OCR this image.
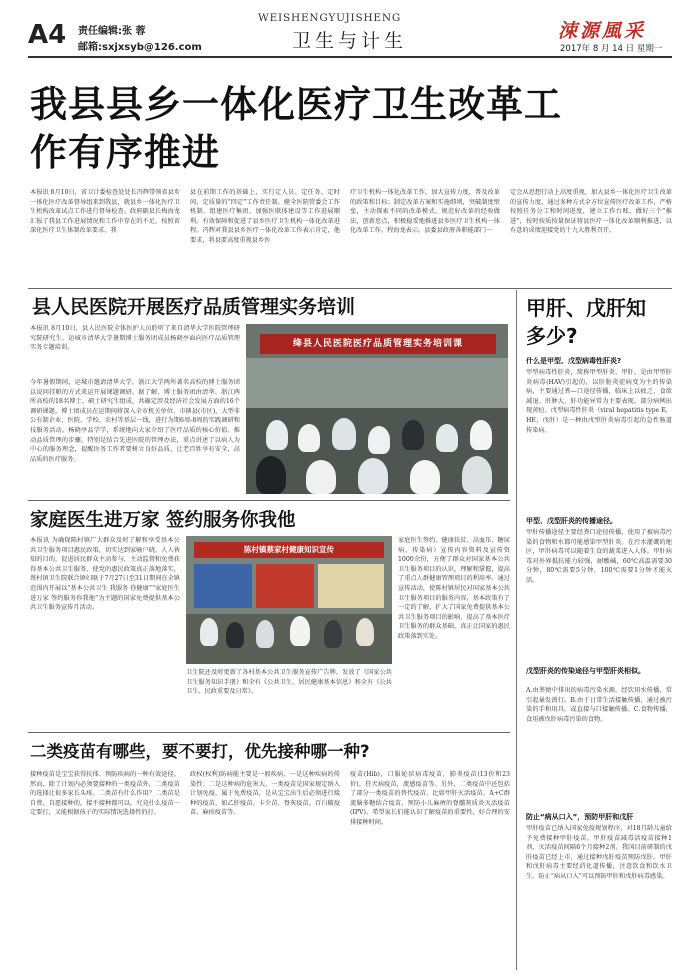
A4 责任编辑:张 蓉
邮箱:sxjxsyb@126.com
WEISHENGYUJISHENG
卫生与计生	涑源風采
2017年 8 月 14 日 星期一
我县县乡一体化医疗卫生改革工
作有序推进
本报讯 8月10日，省卫计委检查处处长冯辉带领省县乡一体化医疗改革督导组来到我县，就县乡一体化医疗卫生机构改革试点工作进行督导检查。政府副县长梅海龙汇报了我县工作进展情况和工作中存在的不足。按照省深化医疗卫生体制改革要求，我
县在前期工作的基础上，实行定人员、定任务、定时间，定质量的“四定”工作责任制。健全医院管委会工作机制、组建医疗集团、加强医联体建设等工作进展顺利。有效保障和促进了县乡医疗卫生机构一体化改革进程。冯辉对我县县乡医疗一体化改革工作表示肯定，他要求，将县要高度重视县乡医
疗卫生机构一体化改革工作，加大宣传力度，普及改革的政策和目标；制定改革方案和实施细则，突破制度壁垒，主动探索不同的改革模式，规范好改革的经验做法，创新思点，积极稳妥地推进县乡医疗卫生机构一体化改革工作。程海龙表示，县委县政府各职能部门一
定会从思想行动上高度重视，加大县乡一体化医疗卫生改革的宣传力度，通过多种方式全方位宣传医疗改革工作，严格按照任务分工和时间进度，建立工作台账，做好三个“推进”，按时按质按量保证将县医疗一体化改革顺利推进，以有意的成绩迎接党的十九大胜利召开。
县人民医院开展医疗品质管理实务培训
本报讯 8月10日，县人民医院全体医护人员聆听了来自清华大学医院管理研究院研究生、运城市清华大学暑期博士服务团成员杨晓亭面向医疗品质管理实务专题培训。	绛县人民医院医疗品质管理实务培训课
今年暑假期间，运城市邀请清华大学、浙江大学两所著名高校的博士服务团以说问挂职的方式来运开展课题调研。据了解，博士服务团由清华、浙江两所高校的18名博士、硕士研究生组成，共确定涉及经济社会发展方面的16个调研课题。博士团成员在运期间将深入全市机关单位、市辖县(市区)、大型非公有制企业、医院、学校、农村等基层一线，进行为期6周-8周的实践调研和技服务活动。杨晓亭品学学，系统地向大家介绍了医疗品质的核心价值、推动品质管理的步骤。特别是结合先进医院的管理办法，重点讲述了以病人为中心的服务理念，提醒医务工作者要树立良好品质，让老百姓享有安全，高品质的医疗服务。
家庭医生进万家 签约服务你我他
本报讯 为确保陈村镇广大群众及时了解和享受基本公共卫生服务项目惠民政策，切实达到家喻户晓，人人皆知的目的，促进居民群众主动参与，主动监督和免费获得基本公共卫生服务，使党的惠民政策真正落地落实，蔡村镇卫生院联合镇妇联于7月27日至31日期间在全镇范围内开展以“基本公共卫生 我服务 你健康”“家庭医生进万家 签约服务你我他”为主题的国家免费提供基本公共卫生服务宣传月活动。
陈村镇蔡家村健康知识宣传
卫生院还及时更新了各村基本公共卫生服务宣传广告牌，发放了《国家公共卫生服务知识手册》和全有《公共卫生、居民健康基本信息》和全有《公共卫生、民政重要及日常》。
家庭医生签约、健康扶贫、高血压、糖尿病、传染病）宣传内容资料及宣传资1000余份，方便了群众对国家基本公共卫生服务项目的认识，理解和掌握，提高了重点人群健康管理项目的利用率。通过宣传活动，使陈村镇居民对国家基本公共卫生服务项目的服务内容，基本政策有了一定的了解，扩大了国家免费提供基本公共卫生服务项目的影响，提高了基本医疗卫生服务的群众基础，真正让国家的惠民政策落到实处。
二类疫苗有哪些，要不要打，优先接种哪一种?
接种疫苗是宝宝获得抗体、预防疾病的一种有效途径。然而，除了计划内必须要接种的一类疫苗外，二类疫苗的选择让很多家长头疼。二类苗有什么作用？二类苗是自费、自愿接种的，接不接种都可以。究竟什么疫苗一定要打，又能根据孩子的实际情况选择性的打。
政权(权利)防病能主要是一般疾病、一是这种疾病的传染性；二是这种病的危害大。一类疫苗是国家规定纳入计划免疫，属于免费疫苗，是从宝宝出生后必须进行接种的疫苗，如乙肝疫苗、卡介苗、脊灰疫苗、百白破疫苗、麻疹疫苗等。
疫苗(Hib)，口服轮状病毒疫苗，肺炎疫苗(13价和23价)，狂犬病疫苗，流感疫苗等。另外，二类疫苗中还包括了部分一类疫苗的替代疫苗，比如甲肝灭活疫苗，A+C群流脑多糖结合疫苗，预防小儿麻痹的脊髓灰质炎灭活疫苗(IPV)。希望家长们能认识了解疫苗的重要性，好合理的安排接种时间。
甲肝、戊肝知
多少?
什么是甲型、戊型病毒性肝炎?
甲型病毒性肝炎，简称甲型肝炎、甲肝，是由甲型肝炎病毒(HAV)引起的，以肝脏炎症病变为主的传染病，主要通过粪—口途径传播，临床上以疲乏、食欲减退、肝肿大、肝功能异常为主要表现，部分病例出现黄疸。戊型病毒性肝炎（viral hepatitis type E，HE，戊肝）是一种由戊型肝炎病毒引起的急性肠道传染病。
甲型、戊型肝炎的传播途径。
甲肝传播途径主要经粪口途径传播，使用了被病毒污染的食物和水都可能感染甲型肝炎。在污水灌溉的地区，甲肝病毒可以随着生食的蔬菜进入人体。甲肝病毒对外界抵抗能力较强，耐酸碱，60℃高温需要30分钟，80℃需要5分钟，100℃需要1分钟才能灭活。
戊型肝炎的传染途径与甲型肝炎相似。
A.由粪便中排出的病毒污染水源，经饮用水传播，常引起暴发流行。B.由于日常生活接触传播，通过被污染的手和用具，或直接与口接触传播。C.食物传播，食用被戊肝病毒污染的食物。
防止“病从口入”，预防甲肝和戊肝
甲肝疫苗已纳入国家免疫规划程序，对18月龄儿童给予免费接种甲肝疫苗。甲肝疫苗减毒活疫苗接种1剂，灭活疫苗间隔6个月接种2剂。我国目前研制的戊肝疫苗已经上市，通过接种戊肝疫苗预防戊肝。甲肝和戊肝病毒主要经消化道传播，注意饮食和饮水卫生，防止“病从口入”可以预防甲肝和戊肝病毒感染。
